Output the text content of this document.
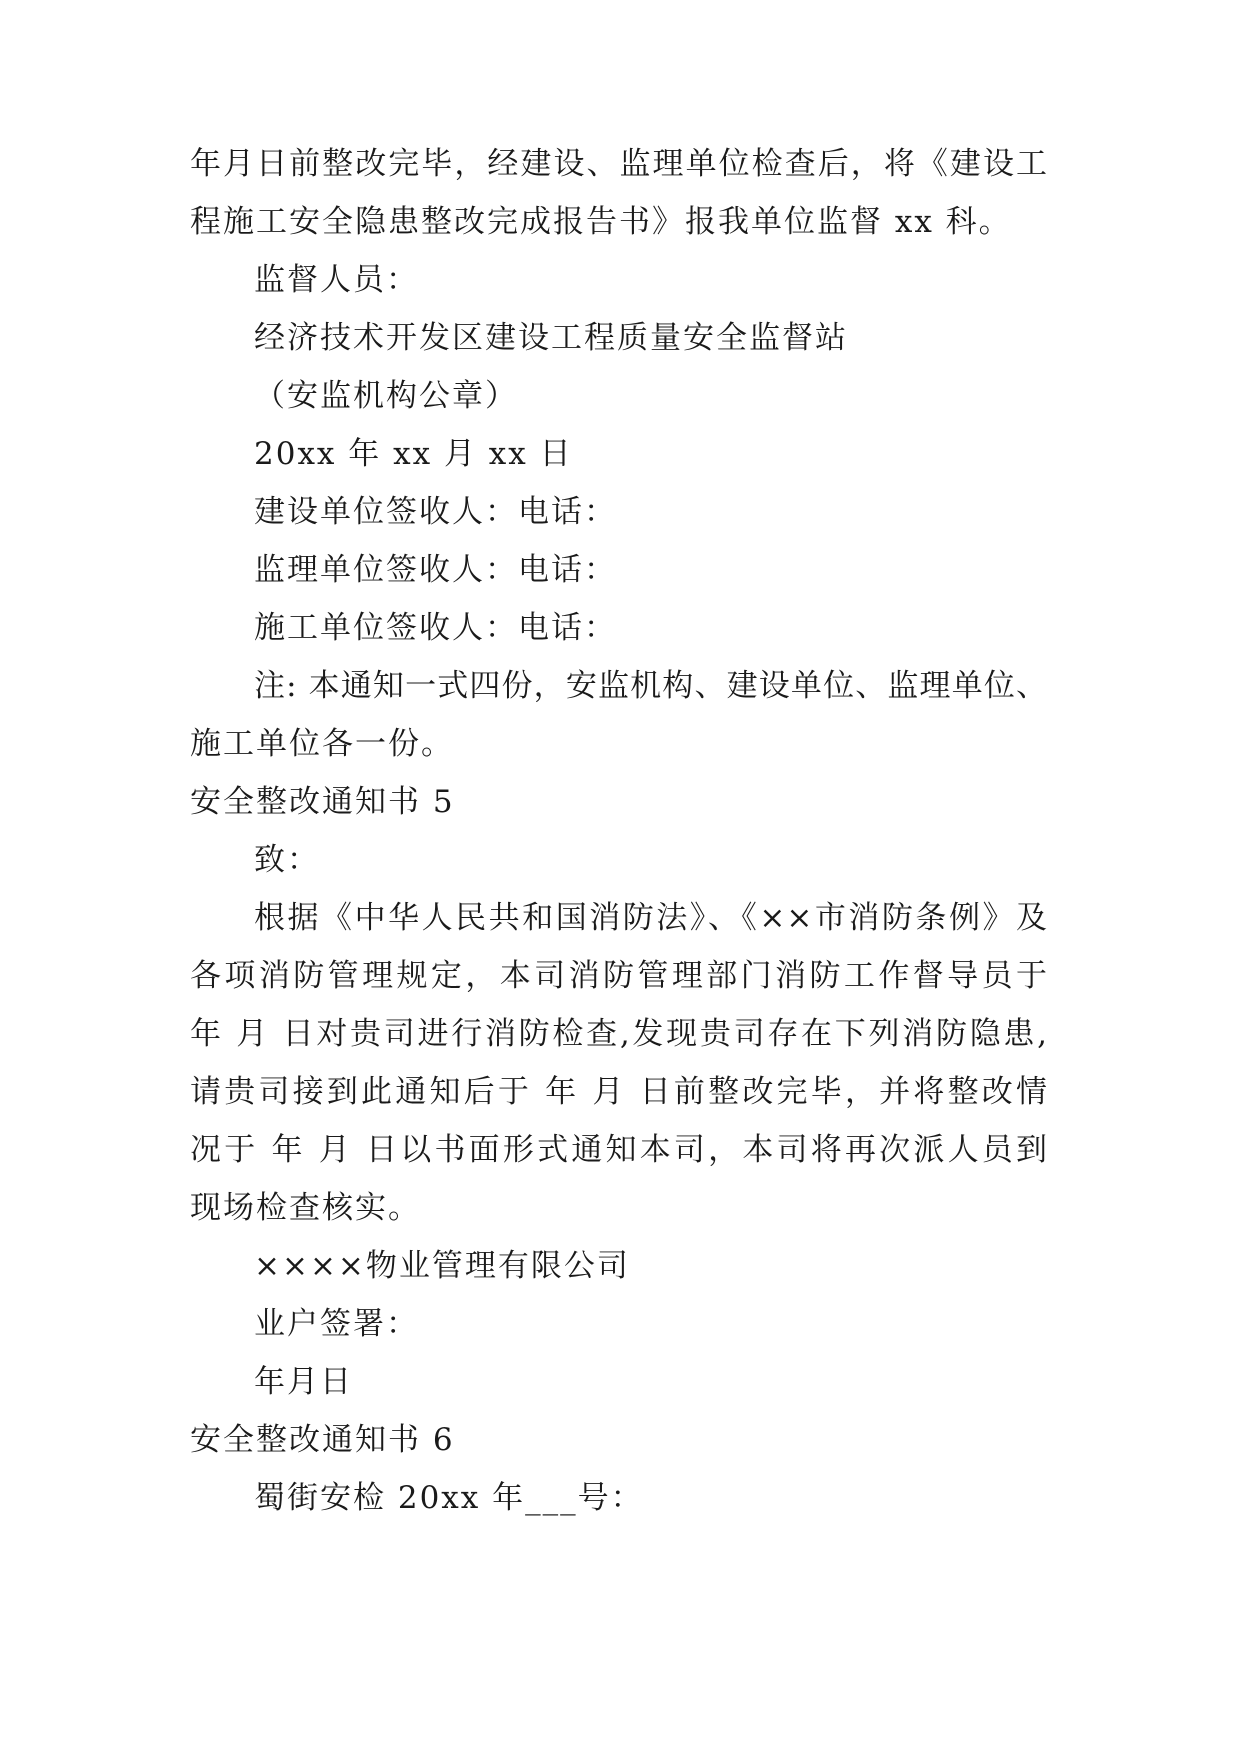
年月日前整改完毕，经建设、监理单位检查后，将《建设工
程施工安全隐患整改完成报告书》报我单位监督 xx 科。
监督人员：
经济技术开发区建设工程质量安全监督站
（安监机构公章）
20xx 年 xx 月 xx 日
建设单位签收人：电话：
监理单位签收人：电话：
施工单位签收人：电话：
注: 本通知一式四份，安监机构、建设单位、监理单位、
施工单位各一份。
安全整改通知书 5
致：
根据《中华人民共和国消防法》、《××市消防条例》及
各项消防管理规定，本司消防管理部门消防工作督导员于
年 月 日对贵司进行消防检查,发现贵司存在下列消防隐患,
请贵司接到此通知后于 年 月 日前整改完毕，并将整改情
况于 年 月 日以书面形式通知本司，本司将再次派人员到
现场检查核实。
××××物业管理有限公司
业户签署：
年月日
安全整改通知书 6
蜀街安检 20xx 年___号：
